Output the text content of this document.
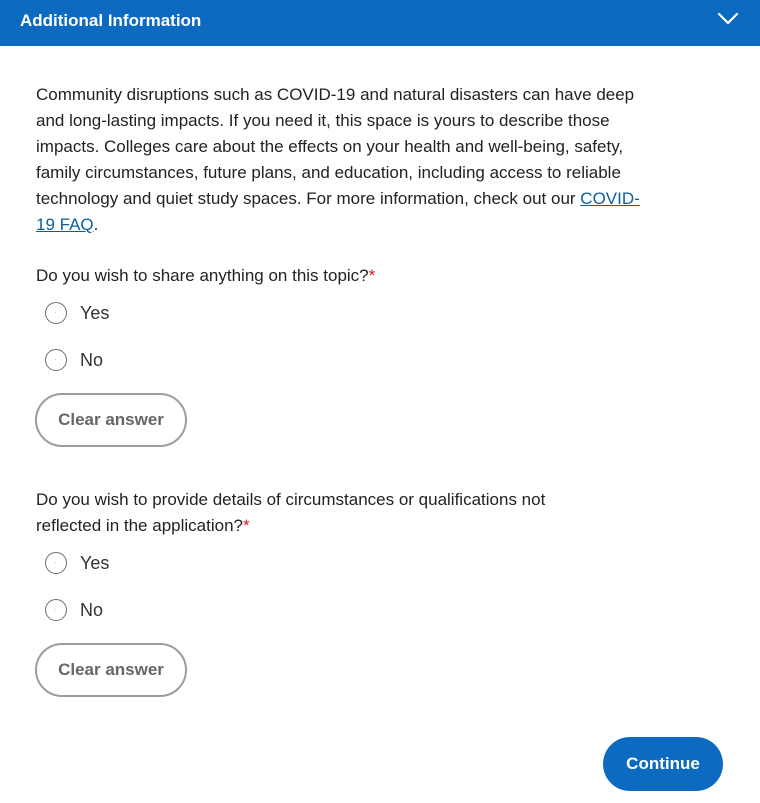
Additional Information
Community disruptions such as COVID-19 and natural disasters can have deep and long-lasting impacts. If you need it, this space is yours to describe those impacts. Colleges care about the effects on your health and well-being, safety, family circumstances, future plans, and education, including access to reliable technology and quiet study spaces. For more information, check out our COVID-19 FAQ.
Do you wish to share anything on this topic?*
Yes
No
Clear answer
Do you wish to provide details of circumstances or qualifications not reflected in the application?*
Yes
No
Clear answer
Continue
